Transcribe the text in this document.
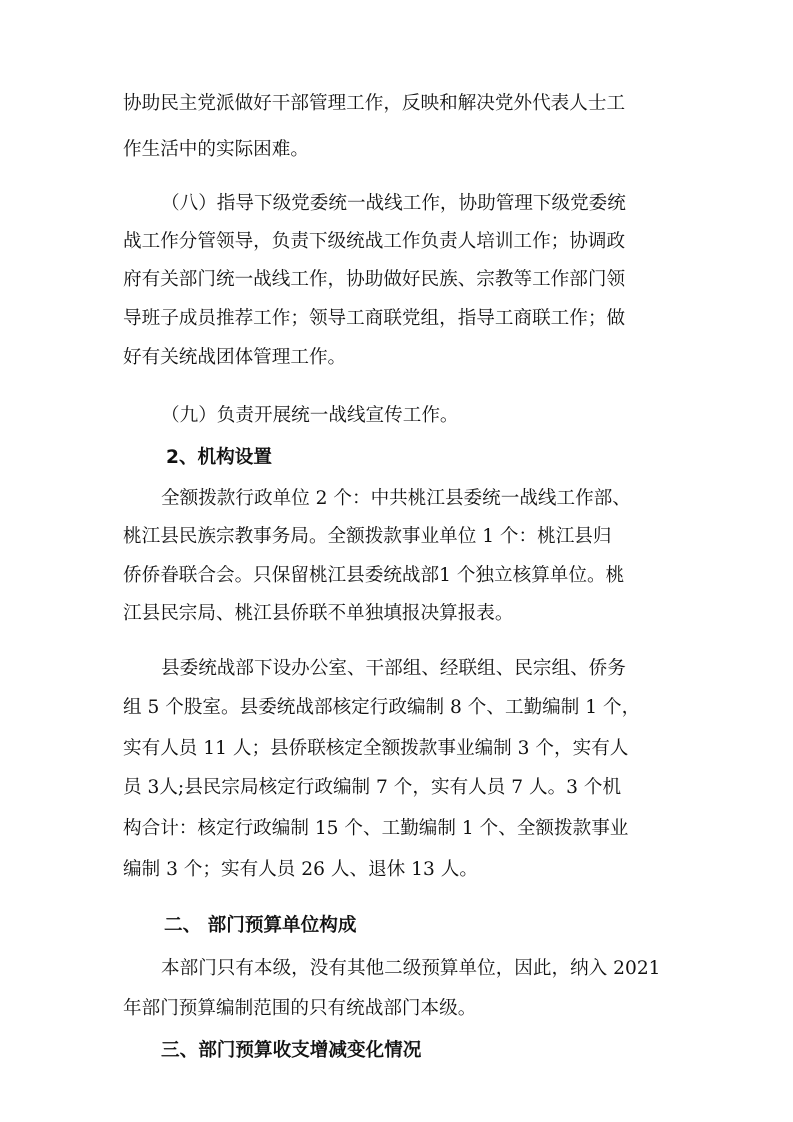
协助民主党派做好干部管理工作，反映和解决党外代表人士工
作生活中的实际困难。
（八）指导下级党委统一战线工作，协助管理下级党委统
战工作分管领导，负责下级统战工作负责人培训工作；协调政
府有关部门统一战线工作，协助做好民族、宗教等工作部门领
导班子成员推荐工作；领导工商联党组，指导工商联工作；做
好有关统战团体管理工作。
（九）负责开展统一战线宣传工作。
2、机构设置
全额拨款行政单位 2 个：中共桃江县委统一战线工作部、
桃江县民族宗教事务局。全额拨款事业单位 1 个：桃江县归
侨侨眷联合会。只保留桃江县委统战部1 个独立核算单位。桃
江县民宗局、桃江县侨联不单独填报决算报表。
县委统战部下设办公室、干部组、经联组、民宗组、侨务
组 5 个股室。县委统战部核定行政编制 8 个、工勤编制 1 个，
实有人员 11 人；县侨联核定全额拨款事业编制 3 个，实有人
员 3人;县民宗局核定行政编制 7 个，实有人员 7 人。3 个机
构合计：核定行政编制 15 个、工勤编制 1 个、全额拨款事业
编制 3 个；实有人员 26 人、退休 13 人。
二、 部门预算单位构成
本部门只有本级，没有其他二级预算单位，因此，纳入 2021
年部门预算编制范围的只有统战部门本级。
三、部门预算收支增减变化情况
